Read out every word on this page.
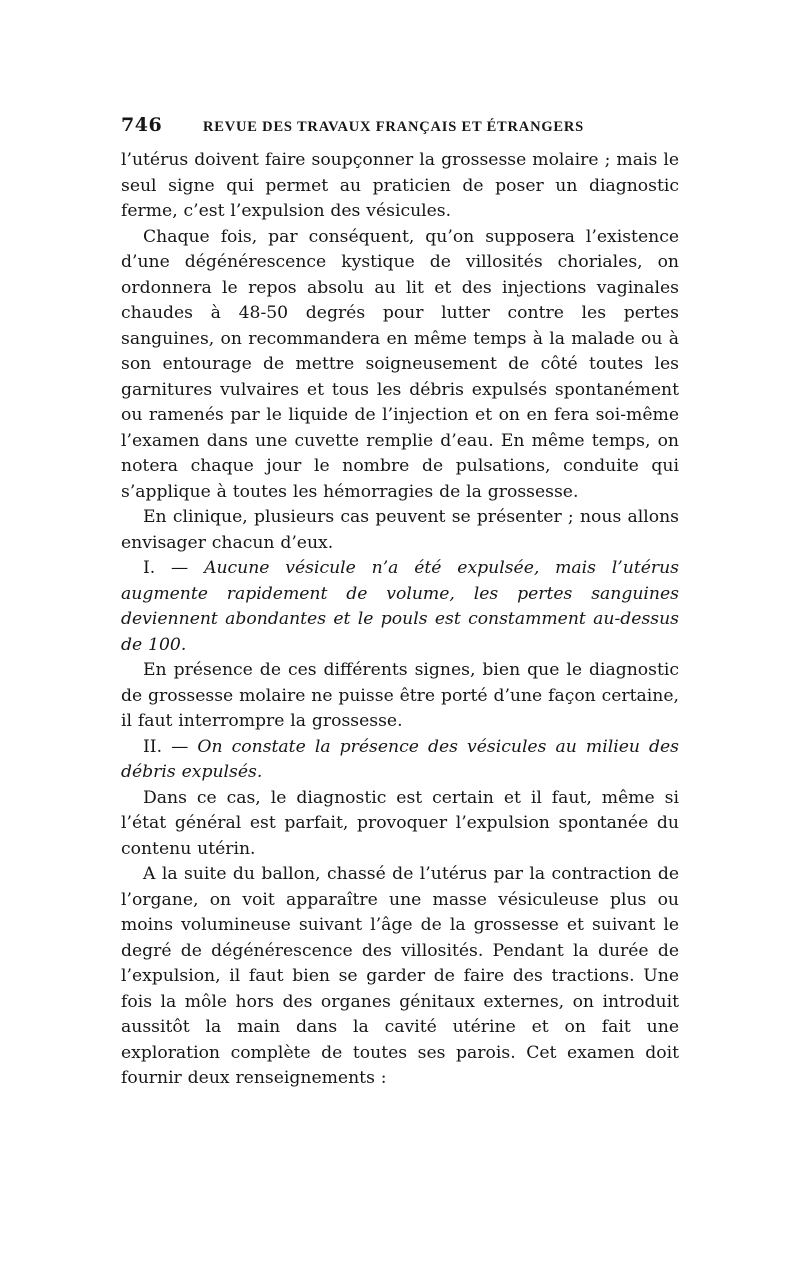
746	REVUE DES TRAVAUX FRANÇAIS ET ÉTRANGERS

l’utérus doivent faire soupçonner la grossesse molaire ; mais le seul signe qui permet au praticien de poser un diagnostic ferme, c’est l’expulsion des vésicules.

Chaque fois, par conséquent, qu’on supposera l’existence d’une dégénérescence kystique de villosités choriales, on ordonnera le repos absolu au lit et des injections vaginales chaudes à 48-50 degrés pour lutter contre les pertes sanguines, on recommandera en même temps à la malade ou à son entourage de mettre soigneusement de côté toutes les garnitures vulvaires et tous les débris expulsés spontanément ou ramenés par le liquide de l’injection et on en fera soi-même l’examen dans une cuvette remplie d’eau. En même temps, on notera chaque jour le nombre de pulsations, conduite qui s’applique à toutes les hémorragies de la grossesse.

En clinique, plusieurs cas peuvent se présenter ; nous allons envisager chacun d’eux.

I. — Aucune vésicule n’a été expulsée, mais l’utérus augmente rapidement de volume, les pertes sanguines deviennent abondantes et le pouls est constamment au-dessus de 100.

En présence de ces différents signes, bien que le diagnostic de grossesse molaire ne puisse être porté d’une façon certaine, il faut interrompre la grossesse.

II. — On constate la présence des vésicules au milieu des débris expulsés.

Dans ce cas, le diagnostic est certain et il faut, même si l’état général est parfait, provoquer l’expulsion spontanée du contenu utérin.

A la suite du ballon, chassé de l’utérus par la contraction de l’organe, on voit apparaître une masse vésiculeuse plus ou moins volumineuse suivant l’âge de la grossesse et suivant le degré de dégénérescence des villosités. Pendant la durée de l’expulsion, il faut bien se garder de faire des tractions. Une fois la môle hors des organes génitaux externes, on introduit aussitôt la main dans la cavité utérine et on fait une exploration complète de toutes ses parois. Cet examen doit fournir deux renseignements :
